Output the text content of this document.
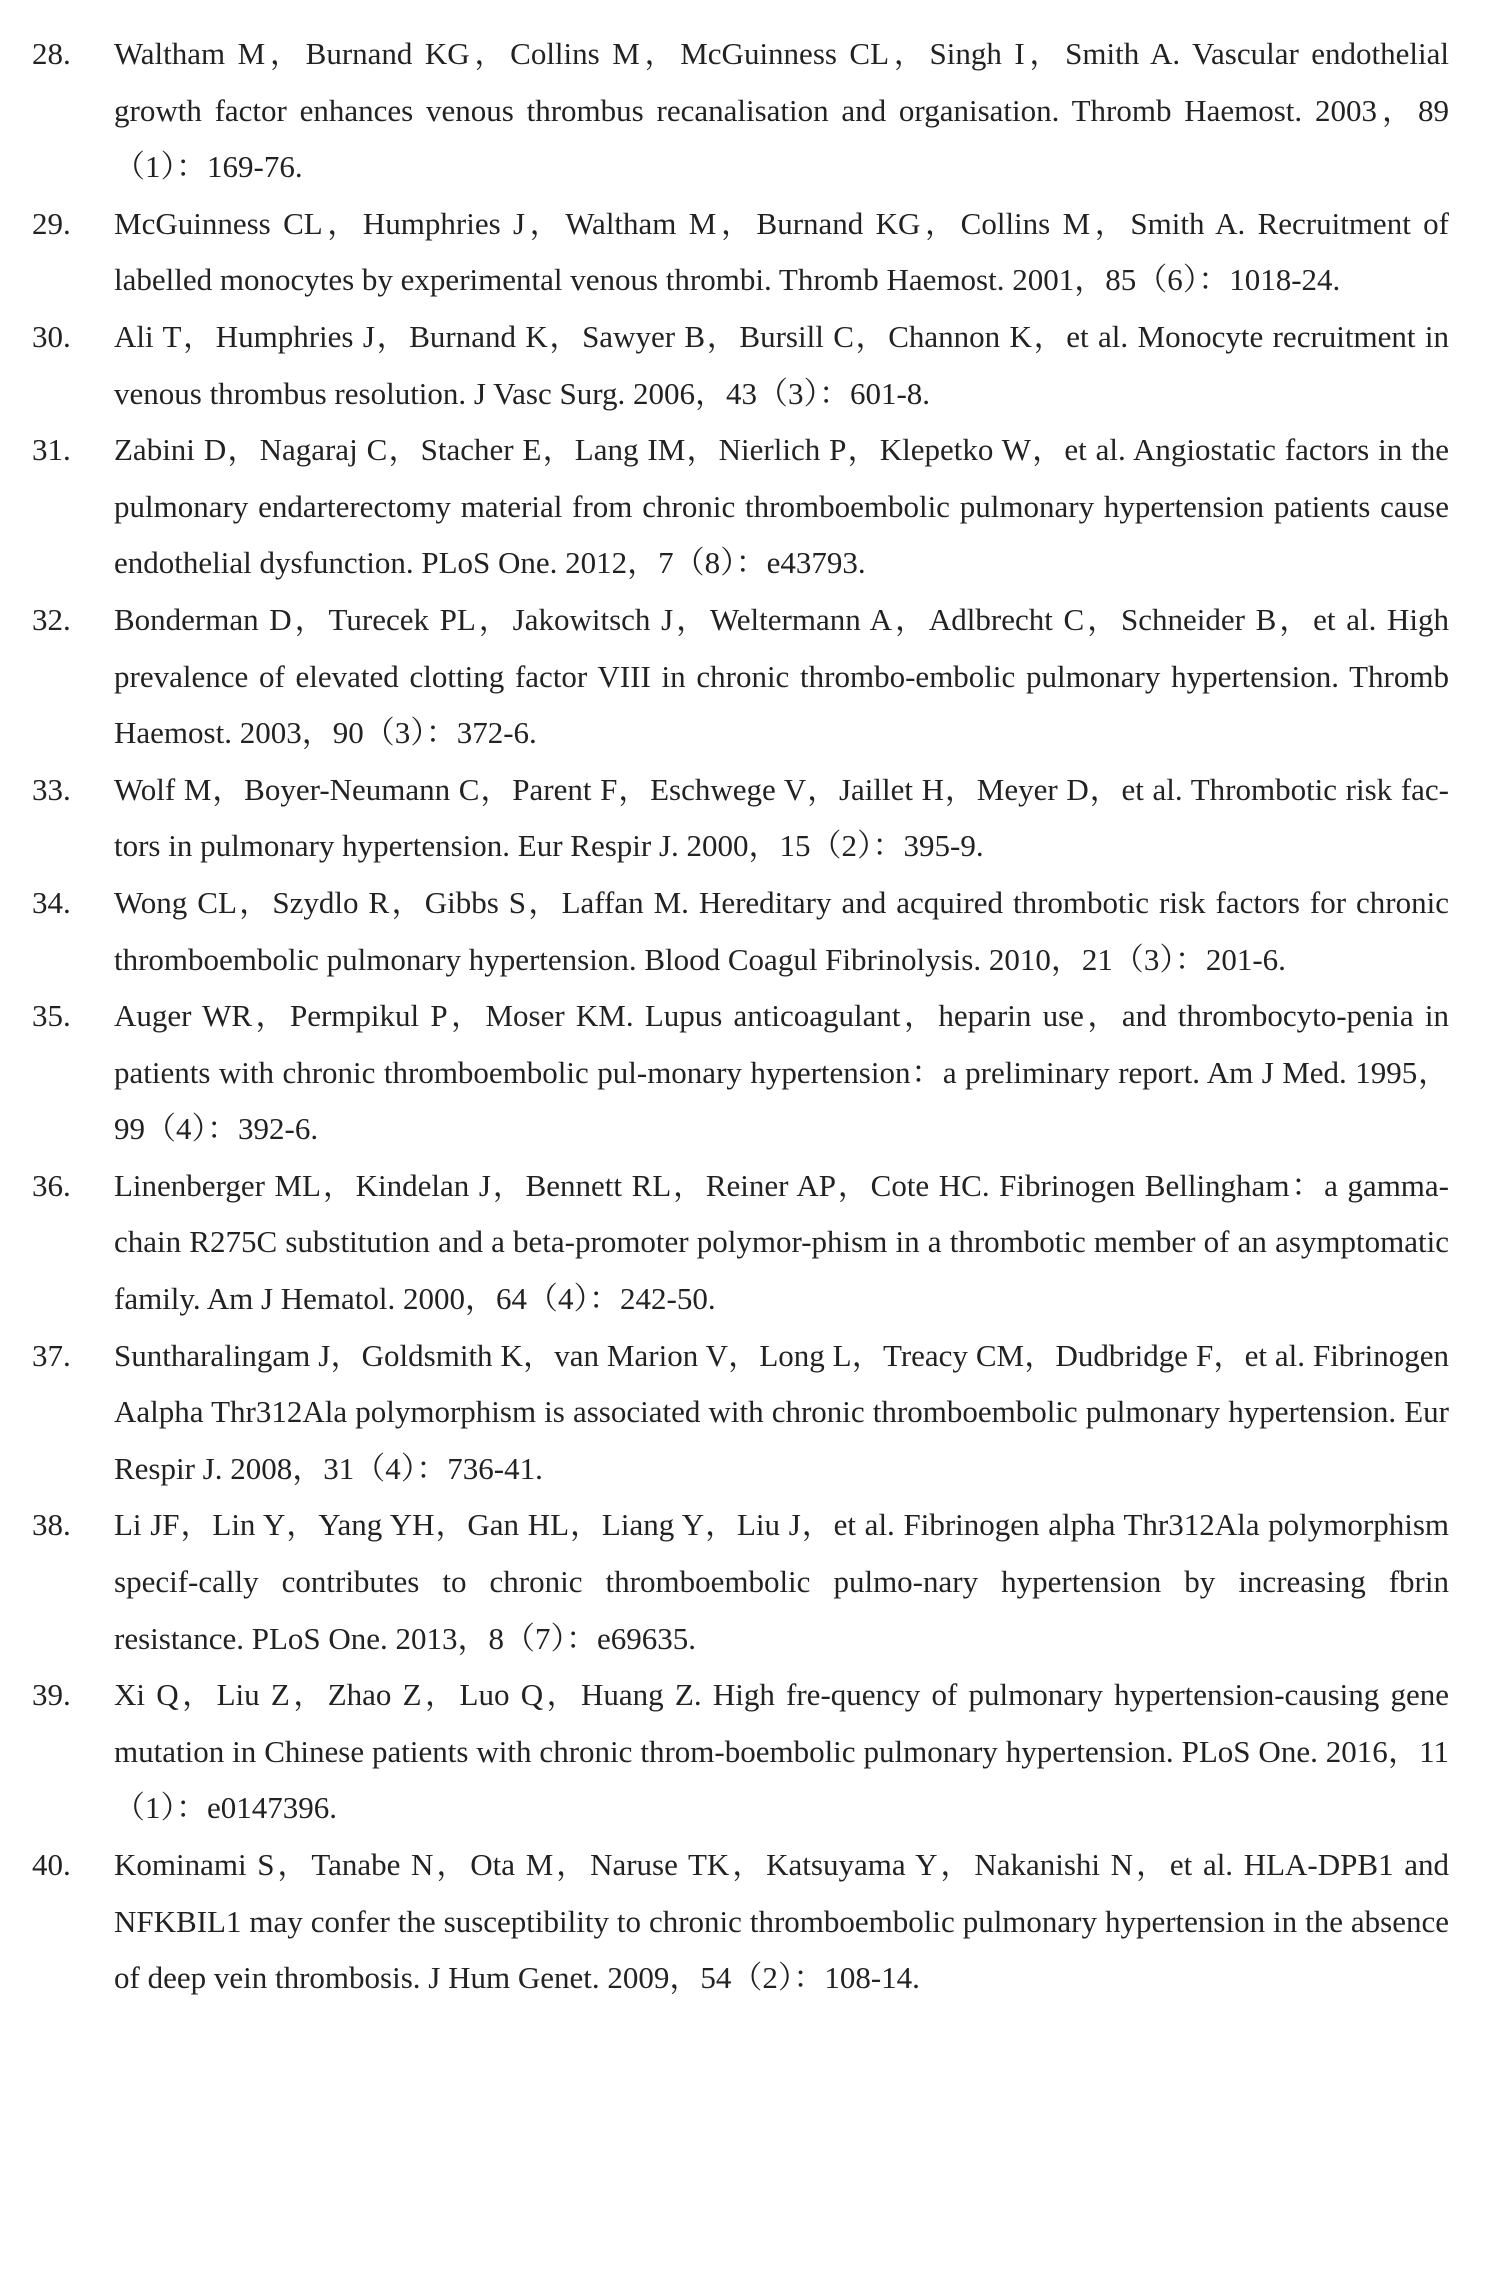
28.	Waltham M，Burnand KG，Collins M，McGuinness CL，Singh I，Smith A. Vascular endothelial growth factor enhances venous thrombus recanalisation and organisation. Thromb Haemost. 2003，89（1）：169-76.
29.	McGuinness CL，Humphries J，Waltham M，Burnand KG，Collins M，Smith A. Recruitment of labelled monocytes by experimental venous thrombi. Thromb Haemost. 2001，85（6）：1018-24.
30.	Ali T，Humphries J，Burnand K，Sawyer B，Bursill C，Channon K，et al. Monocyte recruitment in venous thrombus resolution. J Vasc Surg. 2006，43（3）：601-8.
31.	Zabini D，Nagaraj C，Stacher E，Lang IM，Nierlich P，Klepetko W，et al. Angiostatic factors in the pulmonary endarterectomy material from chronic thromboembolic pulmonary hypertension patients cause endothelial dysfunction. PLoS One. 2012，7（8）：e43793.
32.	Bonderman D，Turecek PL，Jakowitsch J，Weltermann A，Adlbrecht C，Schneider B，et al. High prevalence of elevated clotting factor VIII in chronic thrombo-embolic pulmonary hypertension. Thromb Haemost. 2003，90（3）：372-6.
33.	Wolf M，Boyer-Neumann C，Parent F，Eschwege V，Jaillet H，Meyer D，et al. Thrombotic risk fac-tors in pulmonary hypertension. Eur Respir J. 2000，15（2）：395-9.
34.	Wong CL，Szydlo R，Gibbs S，Laffan M. Hereditary and acquired thrombotic risk factors for chronic thromboembolic pulmonary hypertension. Blood Coagul Fibrinolysis. 2010，21（3）：201-6.
35.	Auger WR，Permpikul P，Moser KM. Lupus anticoagulant，heparin use，and thrombocyto-penia in patients with chronic thromboembolic pul-monary hypertension：a preliminary report. Am J Med. 1995，99（4）：392-6.
36.	Linenberger ML，Kindelan J，Bennett RL，Reiner AP，Cote HC. Fibrinogen Bellingham：a gamma-chain R275C substitution and a beta-promoter polymor-phism in a thrombotic member of an asymptomatic family. Am J Hematol. 2000，64（4）：242-50.
37.	Suntharalingam J，Goldsmith K，van Marion V，Long L，Treacy CM，Dudbridge F，et al. Fibrinogen Aalpha Thr312Ala polymorphism is associated with chronic thromboembolic pulmonary hypertension. Eur Respir J. 2008，31（4）：736-41.
38.	Li JF，Lin Y，Yang YH，Gan HL，Liang Y，Liu J，et al. Fibrinogen alpha Thr312Ala polymorphism specif-cally contributes to chronic thromboembolic pulmo-nary hypertension by increasing fbrin resistance. PLoS One. 2013，8（7）：e69635.
39.	Xi Q，Liu Z，Zhao Z，Luo Q，Huang Z. High fre-quency of pulmonary hypertension-causing gene mutation in Chinese patients with chronic throm-boembolic pulmonary hypertension. PLoS One. 2016，11（1）：e0147396.
40.	Kominami S，Tanabe N，Ota M，Naruse TK，Katsuyama Y，Nakanishi N，et al. HLA-DPB1 and NFKBIL1 may confer the susceptibility to chronic thromboembolic pulmonary hypertension in the absence of deep vein thrombosis. J Hum Genet. 2009，54（2）：108-14.
